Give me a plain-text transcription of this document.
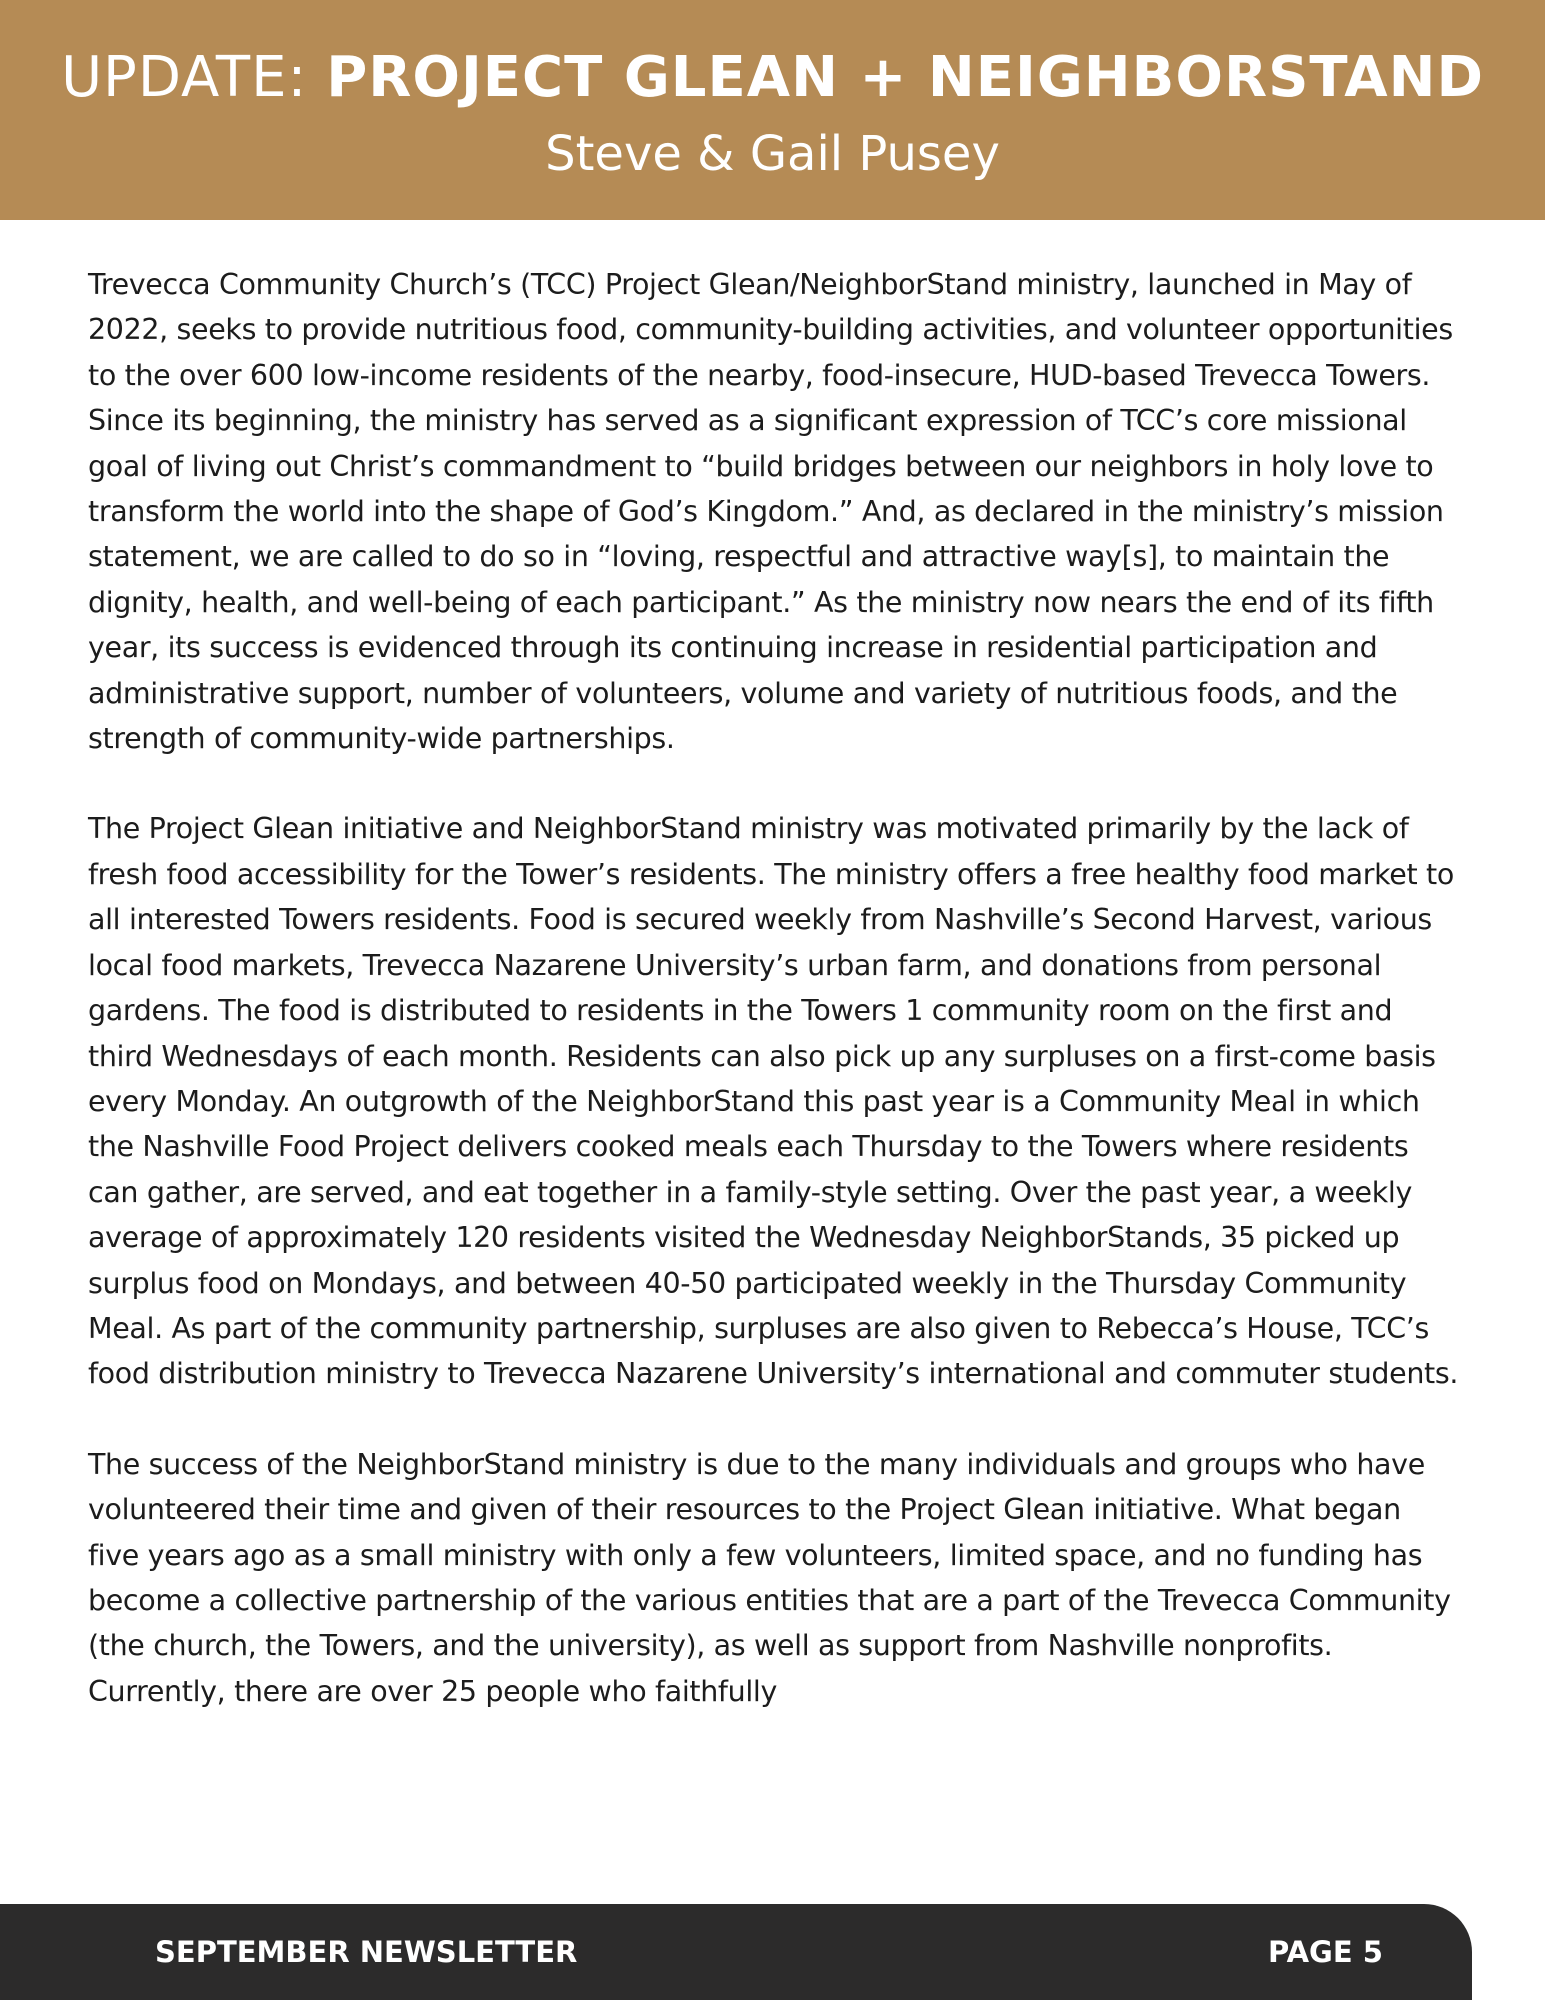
UPDATE: PROJECT GLEAN + NEIGHBORSTAND
Steve & Gail Pusey

Trevecca Community Church’s (TCC) Project Glean/NeighborStand ministry, launched in May of 2022, seeks to provide nutritious food, community-building activities, and volunteer opportunities to the over 600 low-income residents of the nearby, food-insecure, HUD-based Trevecca Towers. Since its beginning, the ministry has served as a significant expression of TCC’s core missional goal of living out Christ’s commandment to “build bridges between our neighbors in holy love to transform the world into the shape of God’s Kingdom.” And, as declared in the ministry’s mission statement, we are called to do so in “loving, respectful and attractive way[s], to maintain the dignity, health, and well-being of each participant.” As the ministry now nears the end of its fifth year, its success is evidenced through its continuing increase in residential participation and administrative support, number of volunteers, volume and variety of nutritious foods, and the strength of community-wide partnerships.

The Project Glean initiative and NeighborStand ministry was motivated primarily by the lack of fresh food accessibility for the Tower’s residents. The ministry offers a free healthy food market to all interested Towers residents. Food is secured weekly from Nashville’s Second Harvest, various local food markets, Trevecca Nazarene University’s urban farm, and donations from personal gardens. The food is distributed to residents in the Towers 1 community room on the first and third Wednesdays of each month. Residents can also pick up any surpluses on a first-come basis every Monday. An outgrowth of the NeighborStand this past year is a Community Meal in which the Nashville Food Project delivers cooked meals each Thursday to the Towers where residents can gather, are served, and eat together in a family-style setting. Over the past year, a weekly average of approximately 120 residents visited the Wednesday NeighborStands, 35 picked up surplus food on Mondays, and between 40-50 participated weekly in the Thursday Community Meal. As part of the community partnership, surpluses are also given to Rebecca’s House, TCC’s food distribution ministry to Trevecca Nazarene University’s international and commuter students.

The success of the NeighborStand ministry is due to the many individuals and groups who have volunteered their time and given of their resources to the Project Glean initiative. What began five years ago as a small ministry with only a few volunteers, limited space, and no funding has become a collective partnership of the various entities that are a part of the Trevecca Community (the church, the Towers, and the university), as well as support from Nashville nonprofits. Currently, there are over 25 people who faithfully

SEPTEMBER NEWSLETTER	PAGE 5
